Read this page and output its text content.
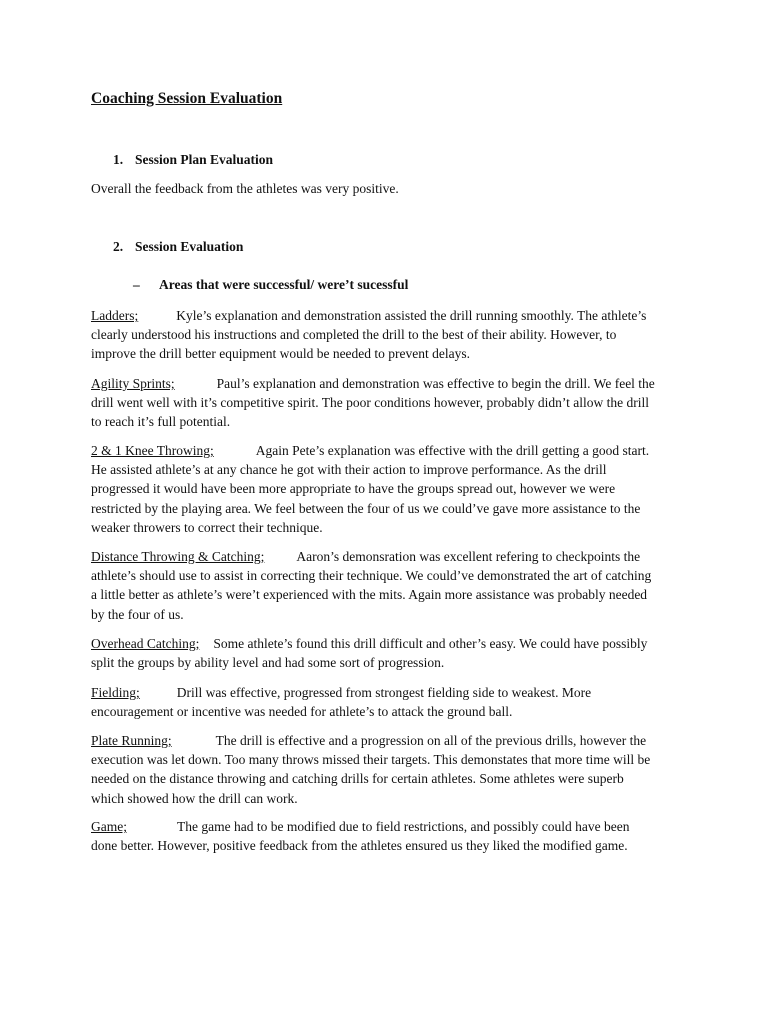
Coaching Session Evaluation
1. Session Plan Evaluation
Overall the feedback from the athletes was very positive.
2. Session Evaluation
– Areas that were successful/ were’t sucessful
Ladders;	Kyle’s explanation and demonstration assisted the drill running smoothly. The athlete’s clearly understood his instructions and completed the drill to the best of their ability. However, to improve the drill better equipment would be needed to prevent delays.
Agility Sprints;	Paul’s explanation and demonstration was effective to begin the drill. We feel the drill went well with it’s competitive spirit. The poor conditions however, probably didn’t allow the drill to reach it’s full potential.
2 & 1 Knee Throwing;	Again Pete’s explanation was effective with the drill getting a good start. He assisted athlete’s at any chance he got with their action to improve performance. As the drill progressed it would have been more appropriate to have the groups spread out, however we were restricted by the playing area. We feel between the four of us we could’ve gave more assistance to the weaker throwers to correct their technique.
Distance Throwing & Catching; Aaron’s demonsration was excellent refering to checkpoints the athlete’s should use to assist in correcting their technique. We could’ve demonstrated the art of catching a little better as athlete’s were’t experienced with the mits. Again more assistance was probably needed by the four of us.
Overhead Catching; Some athlete’s found this drill difficult and other’s easy. We could have possibly split the groups by ability level and had some sort of progression.
Fielding;	Drill was effective, progressed from strongest fielding side to weakest. More encouragement or incentive was needed for athlete’s to attack the ground ball.
Plate Running;	The drill is effective and a progression on all of the previous drills, however the execution was let down. Too many throws missed their targets. This demonstates that more time will be needed on the distance throwing and catching drills for certain athletes. Some athletes were superb which showed how the drill can work.
Game;	The game had to be modified due to field restrictions, and possibly could have been done better. However, positive feedback from the athletes ensured us they liked the modified game.
